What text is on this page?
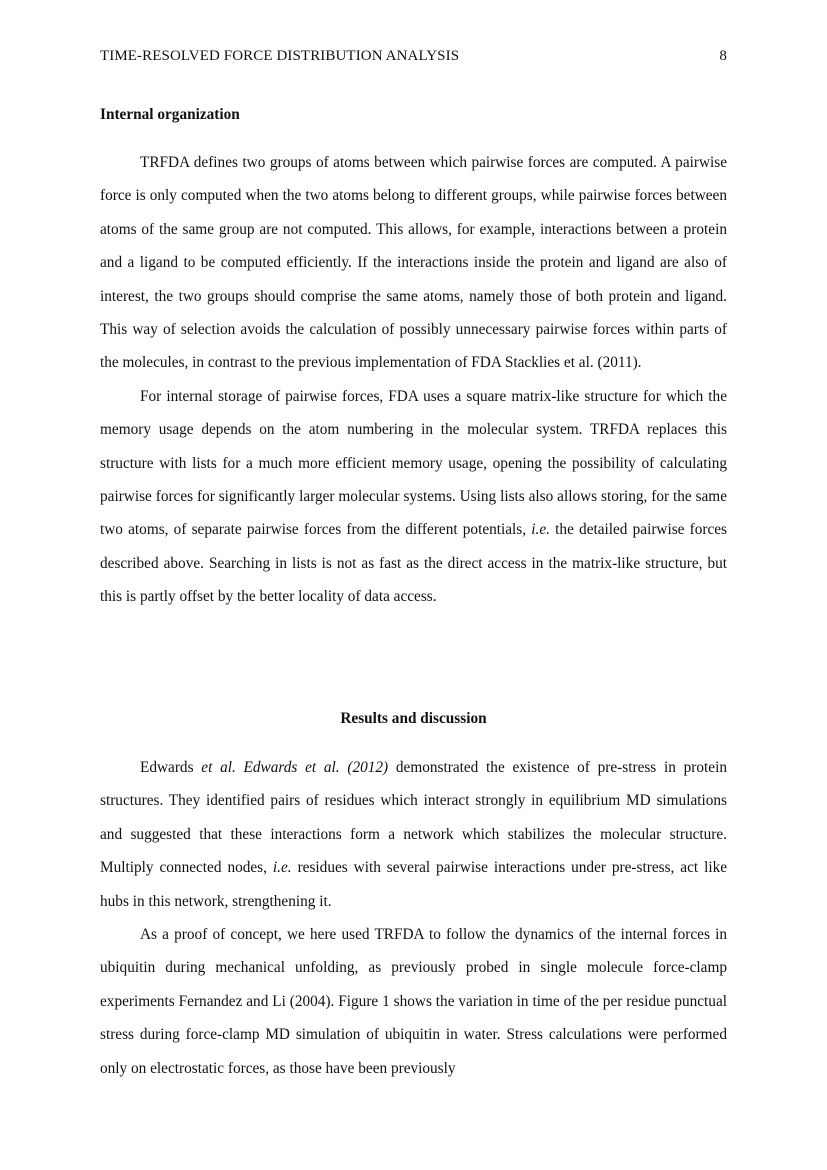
TIME-RESOLVED FORCE DISTRIBUTION ANALYSIS	8
Internal organization

TRFDA defines two groups of atoms between which pairwise forces are computed. A pairwise force is only computed when the two atoms belong to different groups, while pairwise forces between atoms of the same group are not computed. This allows, for example, interactions between a protein and a ligand to be computed efficiently. If the interactions inside the protein and ligand are also of interest, the two groups should comprise the same atoms, namely those of both protein and ligand. This way of selection avoids the calculation of possibly unnecessary pairwise forces within parts of the molecules, in contrast to the previous implementation of FDA Stacklies et al. (2011).

For internal storage of pairwise forces, FDA uses a square matrix-like structure for which the memory usage depends on the atom numbering in the molecular system. TRFDA replaces this structure with lists for a much more efficient memory usage, opening the possibility of calculating pairwise forces for significantly larger molecular systems. Using lists also allows storing, for the same two atoms, of separate pairwise forces from the different potentials, i.e. the detailed pairwise forces described above. Searching in lists is not as fast as the direct access in the matrix-like structure, but this is partly offset by the better locality of data access.

Results and discussion

Edwards et al. Edwards et al. (2012) demonstrated the existence of pre-stress in protein structures. They identified pairs of residues which interact strongly in equilibrium MD simulations and suggested that these interactions form a network which stabilizes the molecular structure. Multiply connected nodes, i.e. residues with several pairwise interactions under pre-stress, act like hubs in this network, strengthening it.

As a proof of concept, we here used TRFDA to follow the dynamics of the internal forces in ubiquitin during mechanical unfolding, as previously probed in single molecule force-clamp experiments Fernandez and Li (2004). Figure 1 shows the variation in time of the per residue punctual stress during force-clamp MD simulation of ubiquitin in water. Stress calculations were performed only on electrostatic forces, as those have been previously
